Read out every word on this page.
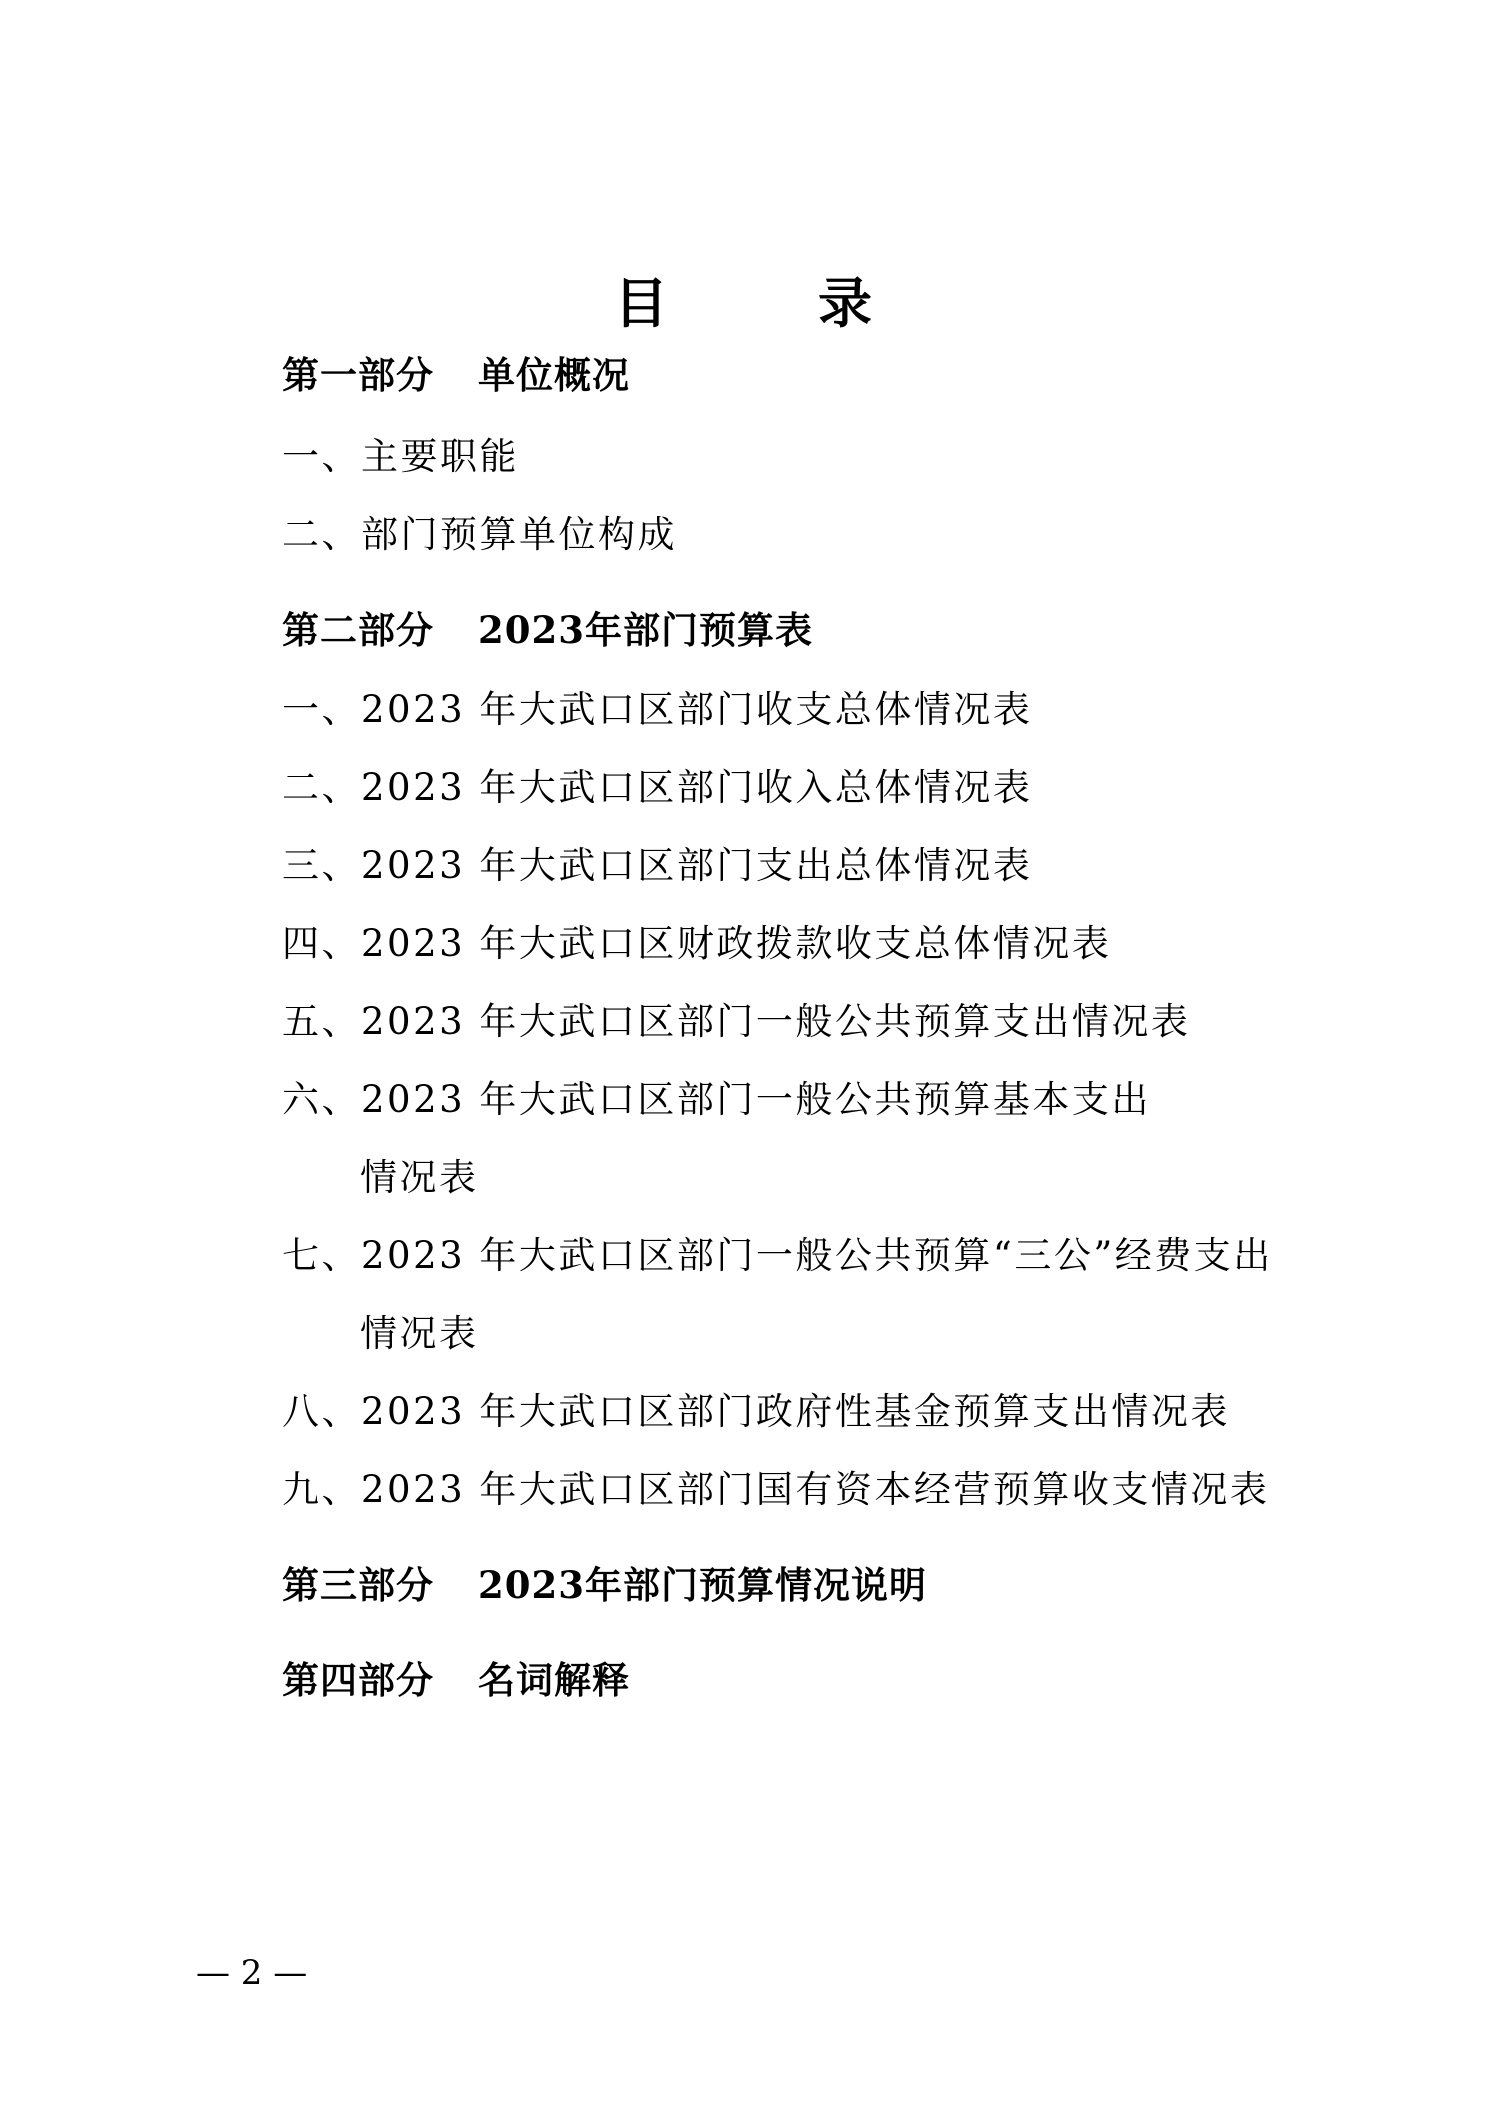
目	录
第一部分 单位概况
一、主要职能
二、部门预算单位构成
第二部分 2023年部门预算表
一、2023 年大武口区部门收支总体情况表
二、2023 年大武口区部门收入总体情况表
三、2023 年大武口区部门支出总体情况表
四、2023 年大武口区财政拨款收支总体情况表
五、2023 年大武口区部门一般公共预算支出情况表
六、2023 年大武口区部门一般公共预算基本支出
情况表
七、2023 年大武口区部门一般公共预算“三公”经费支出
情况表
八、2023 年大武口区部门政府性基金预算支出情况表
九、2023 年大武口区部门国有资本经营预算收支情况表
第三部分 2023年部门预算情况说明
第四部分 名词解释
— 2 —
